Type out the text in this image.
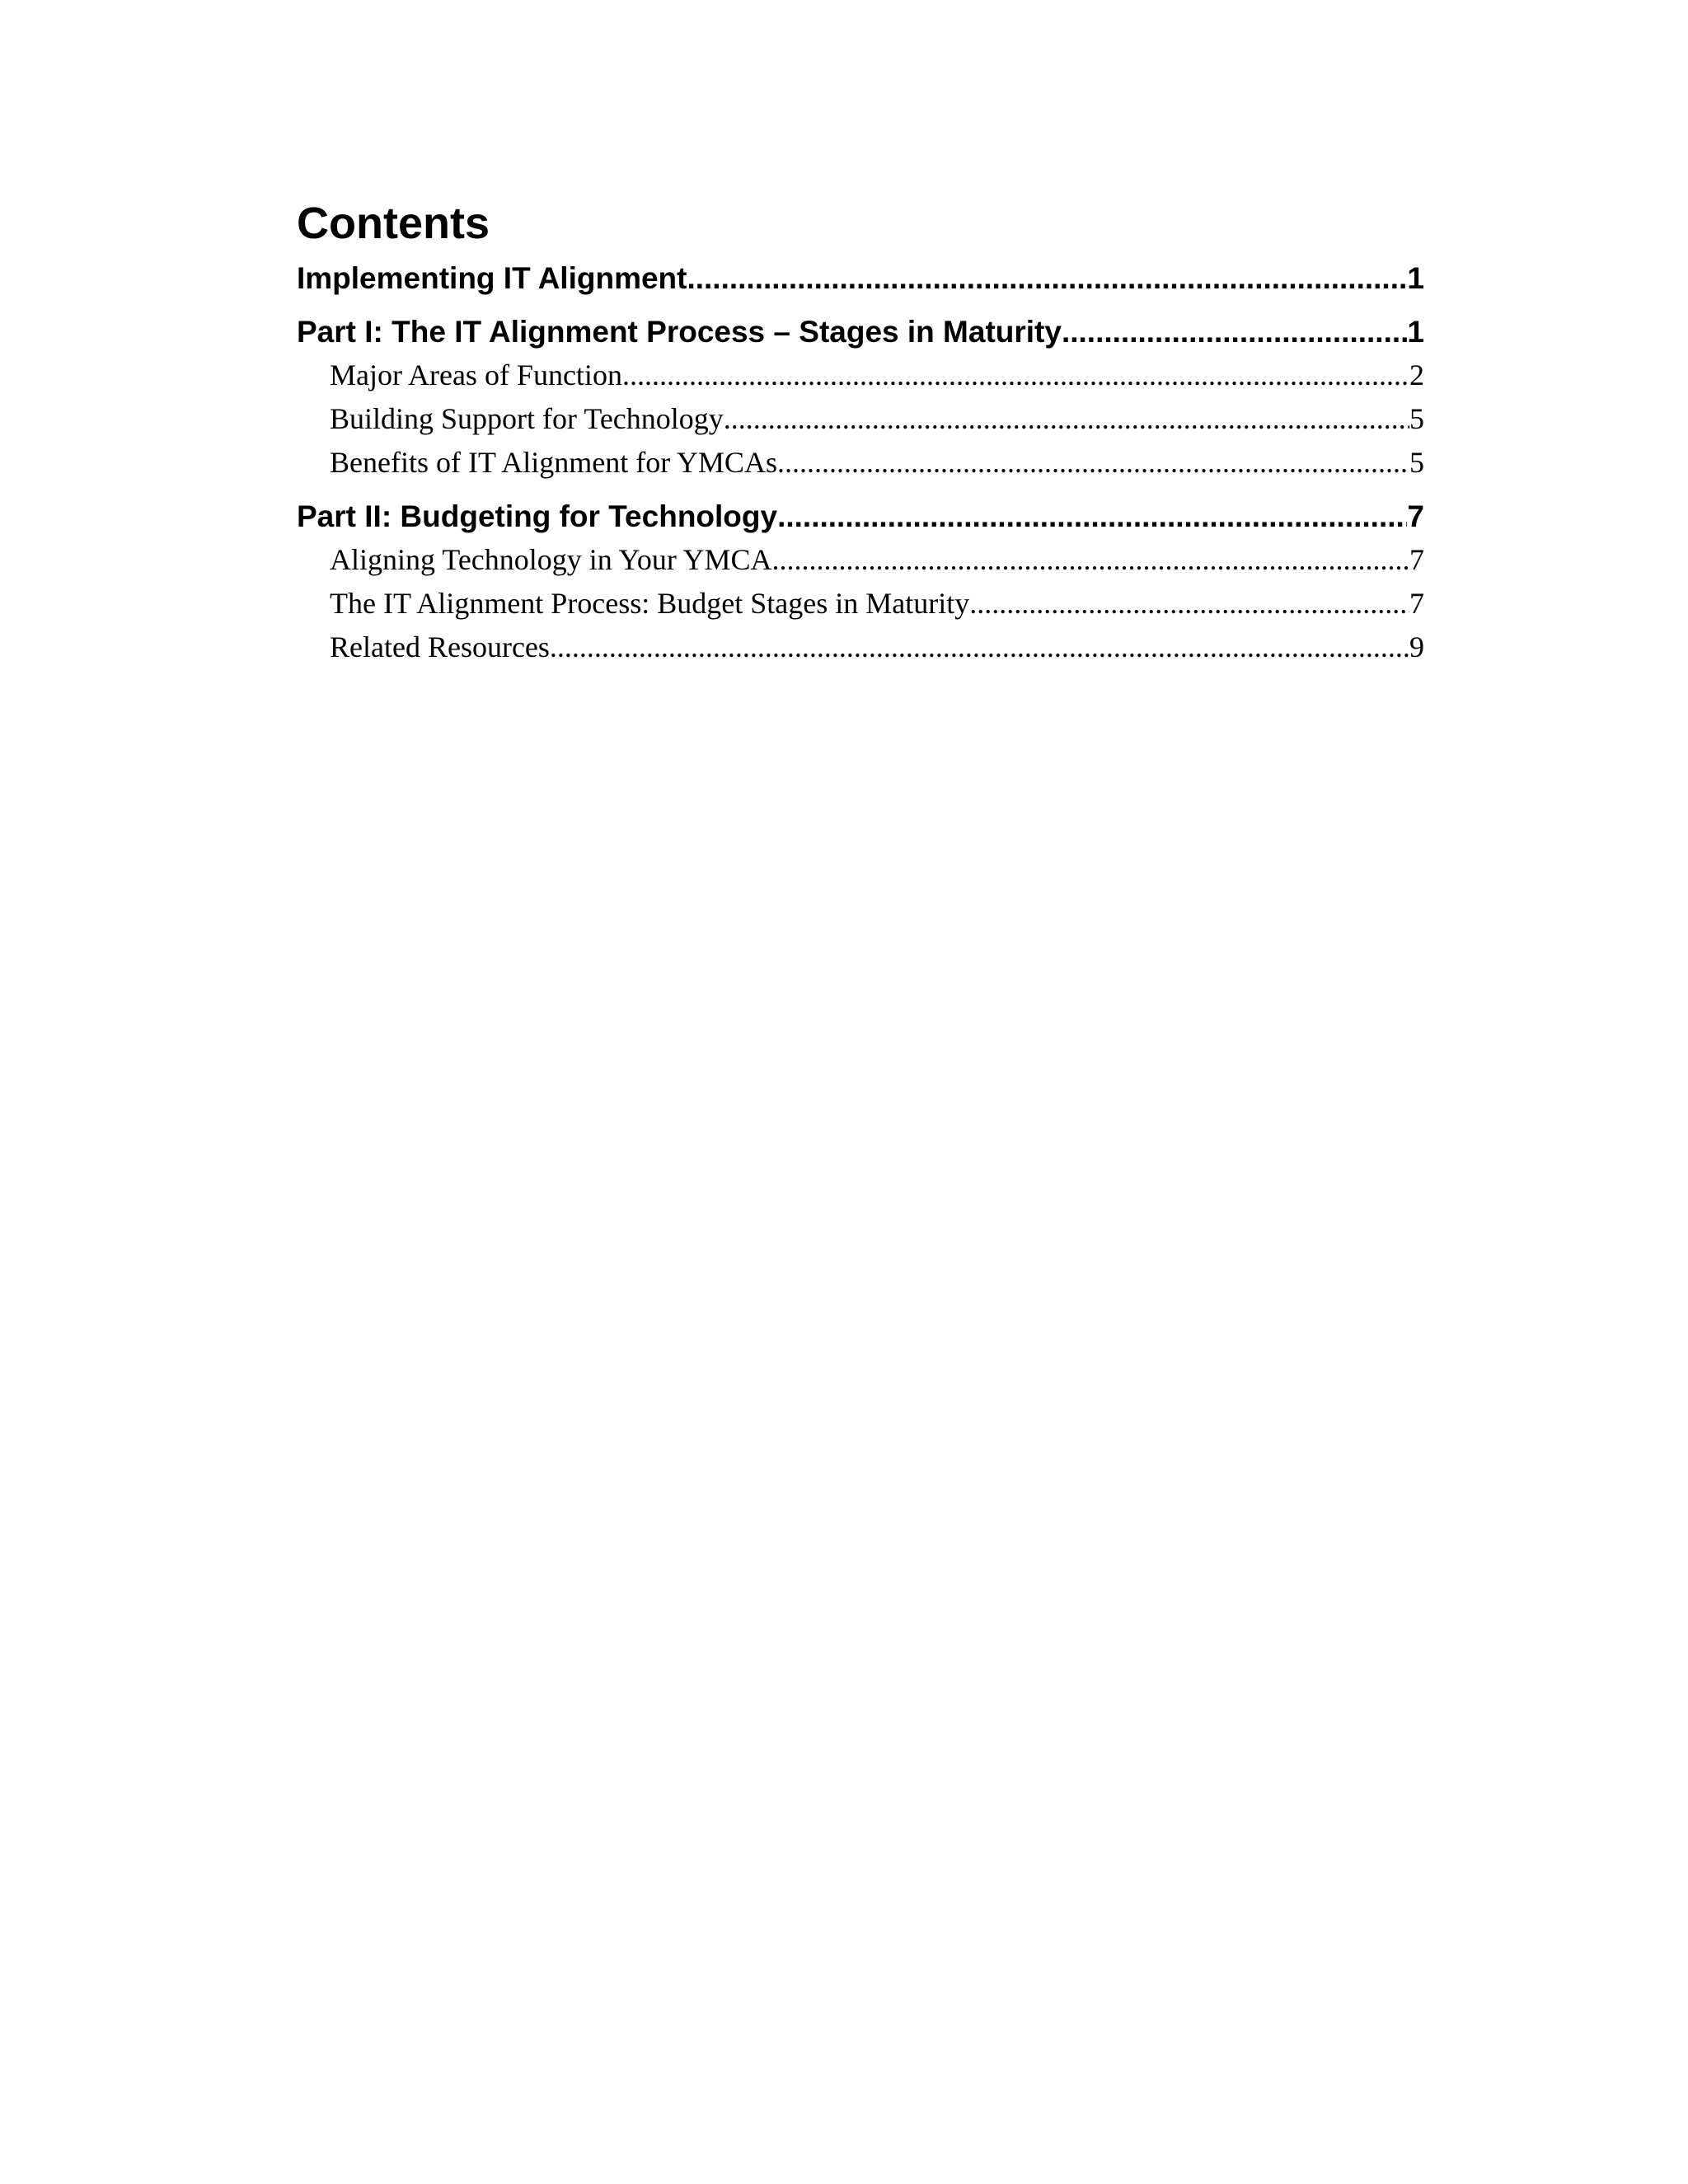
Contents
Implementing IT Alignment .....	1
Part I: The IT Alignment Process – Stages in Maturity .....	1
Major Areas of Function .....	2
Building Support for Technology .....	5
Benefits of IT Alignment for YMCAs .....	5
Part II: Budgeting for Technology .....	7
Aligning Technology in Your YMCA .....	7
The IT Alignment Process: Budget Stages in Maturity .....	7
Related Resources .....	9
